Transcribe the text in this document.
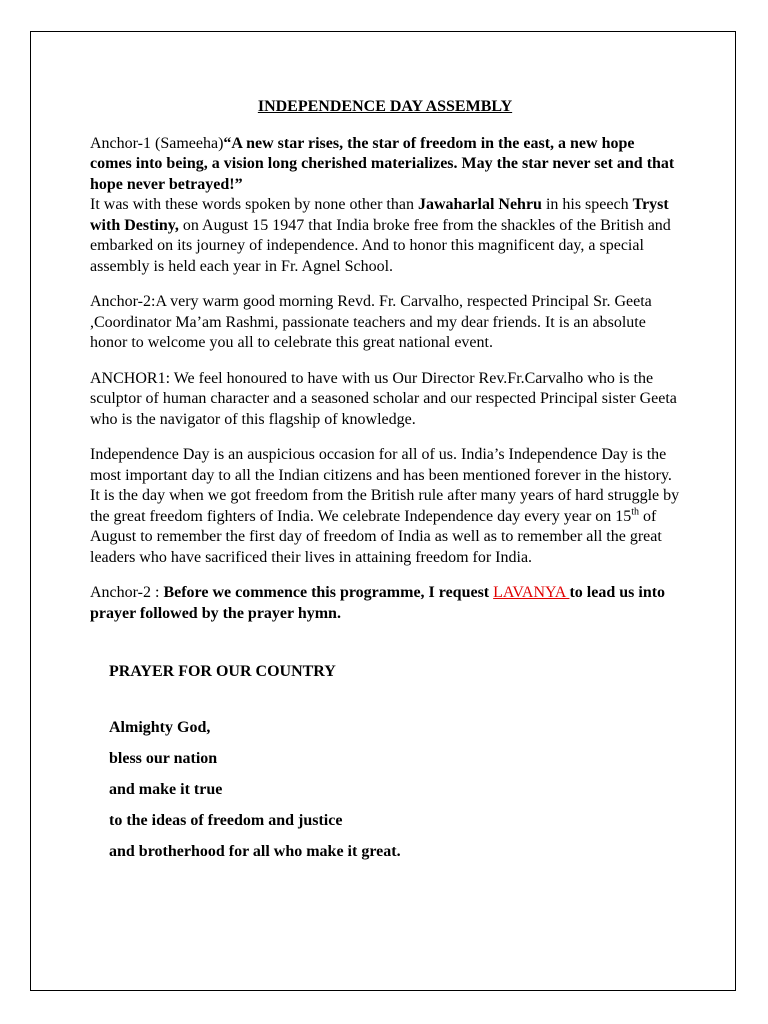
INDEPENDENCE DAY ASSEMBLY

Anchor-1 (Sameeha)“A new star rises, the star of freedom in the east, a new hope comes into being, a vision long cherished materializes. May the star never set and that hope never betrayed!”
It was with these words spoken by none other than Jawaharlal Nehru in his speech Tryst with Destiny, on August 15 1947 that India broke free from the shackles of the British and embarked on its journey of independence. And to honor this magnificent day, a special assembly is held each year in Fr. Agnel School.

Anchor-2:A very warm good morning Revd. Fr. Carvalho, respected Principal Sr. Geeta ,Coordinator Ma’am Rashmi, passionate teachers and my dear friends. It is an absolute honor to welcome you all to celebrate this great national event.

ANCHOR1: We feel honoured to have with us Our Director Rev.Fr.Carvalho who is the sculptor of human character and a seasoned scholar and our respected Principal sister Geeta who is the navigator of this flagship of knowledge.

Independence Day is an auspicious occasion for all of us. India’s Independence Day is the most important day to all the Indian citizens and has been mentioned forever in the history. It is the day when we got freedom from the British rule after many years of hard struggle by the great freedom fighters of India. We celebrate Independence day every year on 15th of August to remember the first day of freedom of India as well as to remember all the great leaders who have sacrificed their lives in attaining freedom for India.

Anchor-2 : Before we commence this programme, I request LAVANYA to lead us into prayer followed by the prayer hymn.

PRAYER FOR OUR COUNTRY
Almighty God,
bless our nation
and make it true
to the ideas of freedom and justice
and brotherhood for all who make it great.
